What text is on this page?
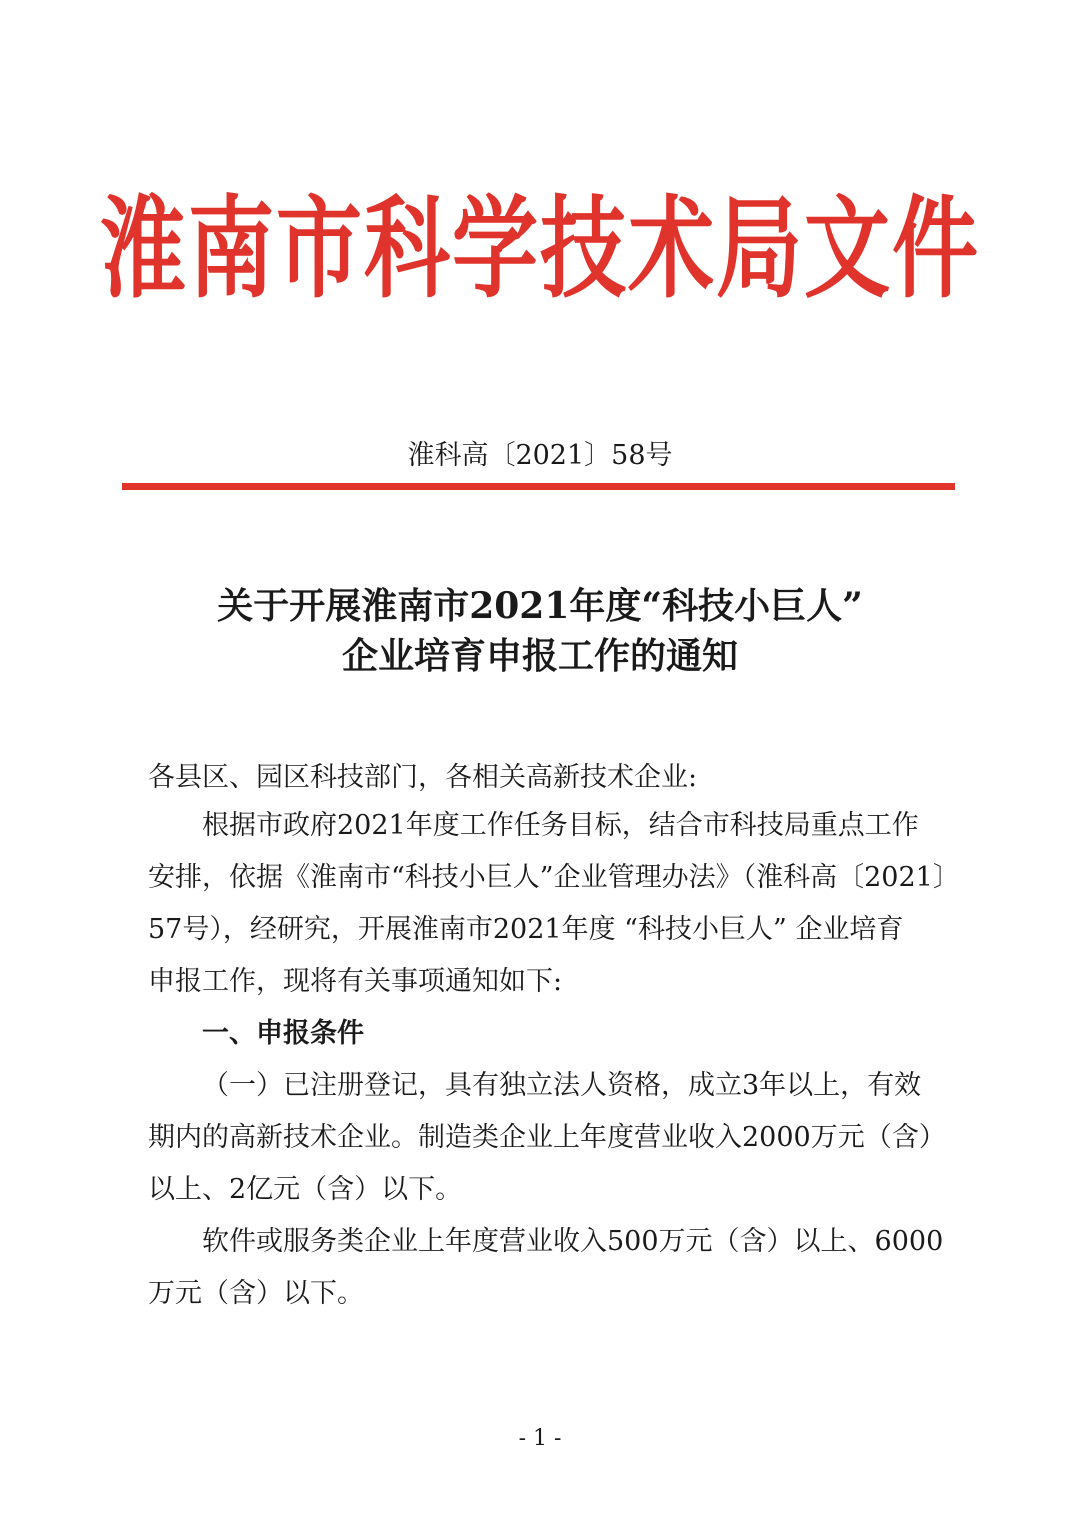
淮南市科学技术局文件
淮科高〔2021〕58号
关于开展淮南市2021年度“科技小巨人”
企业培育申报工作的通知
各县区、园区科技部门，各相关高新技术企业:
根据市政府2021年度工作任务目标，结合市科技局重点工作
安排，依据《淮南市“科技小巨人”企业管理办法》（淮科高〔2021〕
57号），经研究，开展淮南市2021年度 “科技小巨人” 企业培育
申报工作，现将有关事项通知如下:
一、申报条件
（一）已注册登记，具有独立法人资格，成立3年以上，有效
期内的高新技术企业。制造类企业上年度营业收入2000万元（含）
以上、2亿元（含）以下。
软件或服务类企业上年度营业收入500万元（含）以上、6000
万元（含）以下。
- 1 -
